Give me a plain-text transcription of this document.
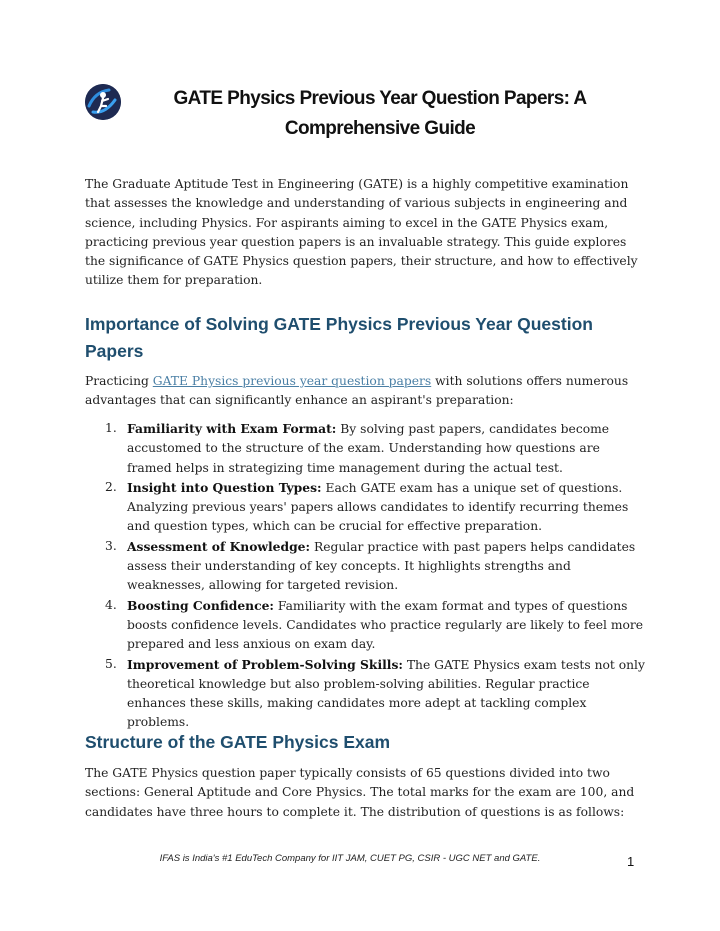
GATE Physics Previous Year Question Papers: A Comprehensive Guide

The Graduate Aptitude Test in Engineering (GATE) is a highly competitive examination that assesses the knowledge and understanding of various subjects in engineering and science, including Physics. For aspirants aiming to excel in the GATE Physics exam, practicing previous year question papers is an invaluable strategy. This guide explores the significance of GATE Physics question papers, their structure, and how to effectively utilize them for preparation.

Importance of Solving GATE Physics Previous Year Question Papers

Practicing GATE Physics previous year question papers with solutions offers numerous advantages that can significantly enhance an aspirant's preparation:

1. Familiarity with Exam Format: By solving past papers, candidates become accustomed to the structure of the exam. Understanding how questions are framed helps in strategizing time management during the actual test.
2. Insight into Question Types: Each GATE exam has a unique set of questions. Analyzing previous years' papers allows candidates to identify recurring themes and question types, which can be crucial for effective preparation.
3. Assessment of Knowledge: Regular practice with past papers helps candidates assess their understanding of key concepts. It highlights strengths and weaknesses, allowing for targeted revision.
4. Boosting Confidence: Familiarity with the exam format and types of questions boosts confidence levels. Candidates who practice regularly are likely to feel more prepared and less anxious on exam day.
5. Improvement of Problem-Solving Skills: The GATE Physics exam tests not only theoretical knowledge but also problem-solving abilities. Regular practice enhances these skills, making candidates more adept at tackling complex problems.
Structure of the GATE Physics Exam

The GATE Physics question paper typically consists of 65 questions divided into two sections: General Aptitude and Core Physics. The total marks for the exam are 100, and candidates have three hours to complete it. The distribution of questions is as follows:

IFAS is India's #1 EduTech Company for IIT JAM, CUET PG, CSIR - UGC NET and GATE.	1
